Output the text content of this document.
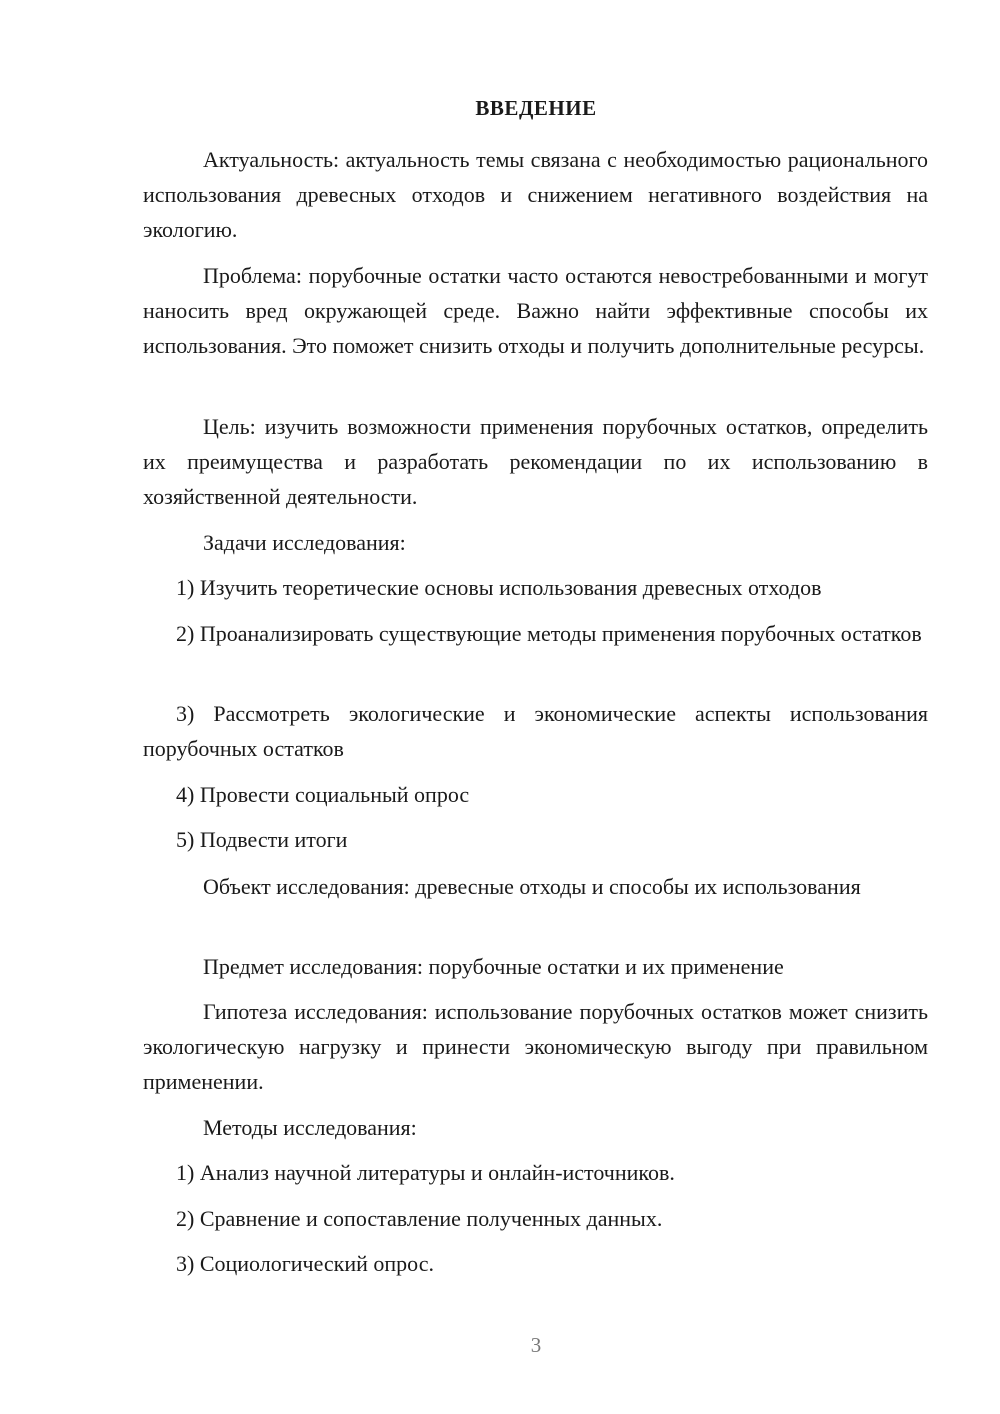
ВВЕДЕНИЕ
Актуальность: актуальность темы связана с необходимостью рационального использования древесных отходов и снижением негативного воздействия на экологию.
Проблема: порубочные остатки часто остаются невостребованными и могут наносить вред окружающей среде. Важно найти эффективные способы их использования. Это поможет снизить отходы и получить дополнительные ресурсы.
Цель: изучить возможности применения порубочных остатков, определить их преимущества и разработать рекомендации по их использованию в хозяйственной деятельности.
Задачи исследования:
1) Изучить теоретические основы использования древесных отходов
2) Проанализировать существующие методы применения порубочных остатков
3) Рассмотреть экологические и экономические аспекты использования порубочных остатков
4) Провести социальный опрос
5) Подвести итоги
Объект исследования: древесные отходы и способы их использования
Предмет исследования: порубочные остатки и их применение
Гипотеза исследования: использование порубочных остатков может снизить экологическую нагрузку и принести экономическую выгоду при правильном применении.
Методы исследования:
1) Анализ научной литературы и онлайн-источников.
2) Сравнение и сопоставление полученных данных.
3) Социологический опрос.
3
